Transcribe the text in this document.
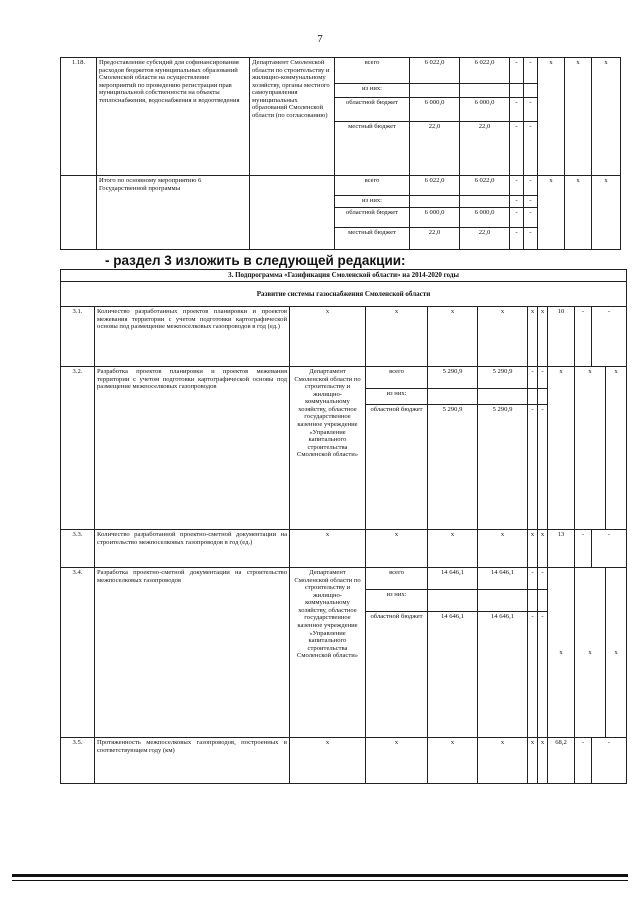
7
1.18.	Предоставление субсидий для софинансирования расходов бюджетов муниципальных образований Смоленской области на осуществление мероприятий по проведению регистрации прав муниципальной собственности на объекты теплоснабжения, водоснабжения и водоотведения	Департамент Смоленской области по строительству и жилищно-коммунальному хозяйству, органы местного самоуправления муниципальных образований Смоленской области (по согласованию)	всего	6 022,0	6 022,0	-	-	х	х	х
			из них:							
			областной бюджет	6 000,0	6 000,0	-	-			
			местный бюджет	22,0	22,0	-	-			
	Итого по основному мероприятию 6 Государственной программы		всего	6 022,0	6 022,0	-	-	х	х	х
			из них:			-	-			
			областной бюджет	6 000,0	6 000,0	-	-			
			местный бюджет	22,0	22,0	-	-			
- раздел 3 изложить в следующей редакции:
3. Подпрограмма «Газификация Смоленской области» на 2014-2020 годы											
Развитие системы газоснабжения Смоленской области											
3.1.	Количество разработанных проектов планировки и проектов межевания территории с учетом подготовки картографической основы под размещение межпоселковых газопроводов в год (ед.)	х	х	х	х	х	х	10	-	-	
3.2.	Разработка проектов планировки и проектов межевания территории с учетом подготовки картографической основы под размещение межпоселковых газопроводов	Департамент Смоленской области по строительству и жилищно-коммунальному хозяйству, областное государственное казенное учреждение «Управление капитального строительства Смоленской области»	всего	5 290,9	5 290,9	-	-	х	х		х
			из них:								
			областной бюджет	5 290,9	5 290,9	-	-				
3.3.	Количество разработанной проектно-сметной документации на строительство межпоселковых газопроводов в год (ед.)	х	х	х	х	х	х	13	-	-	
3.4.	Разработка проектно-сметной документации на строительство межпоселковых газопроводов	Департамент Смоленской области по строительству и жилищно-коммунальному хозяйству, областное государственное казенное учреждение «Управление капитального строительства Смоленской области»	всего	14 646,1	14 646,1	-	-	х	х		х
			из них:								
			областной бюджет	14 646,1	14 646,1	-	-				
3.5.	Протяженность межпоселковых газопроводов, построенных в соответствующем году (км)	х	х	х	х	х	х	68,2	-	-	
